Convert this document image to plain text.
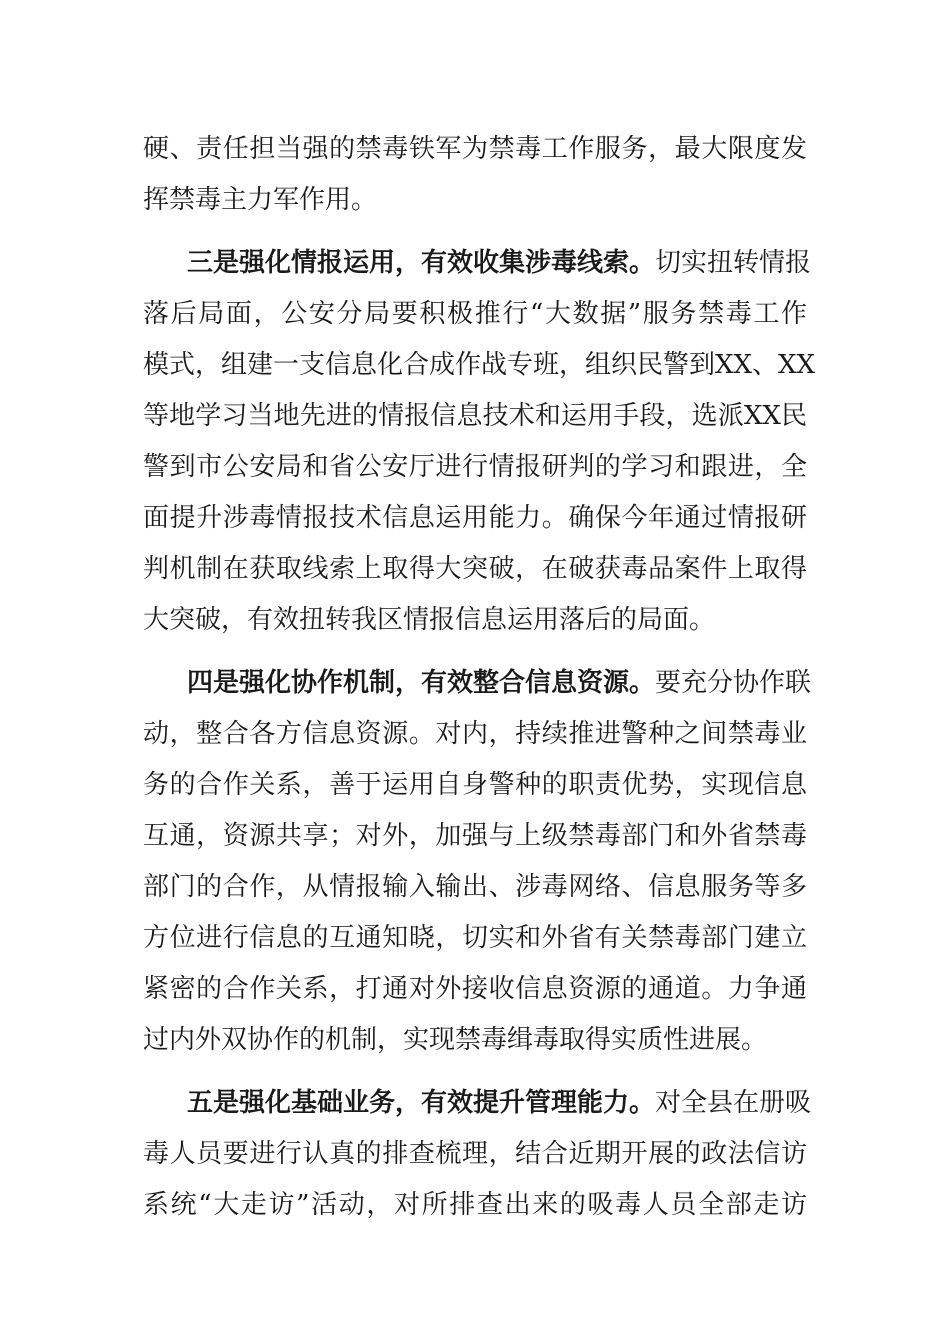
硬、责任担当强的禁毒铁军为禁毒工作服务，最大限度发
挥禁毒主力军作用。
三是强化情报运用，有效收集涉毒线索。切实扭转情报
落后局面，公安分局要积极推行“大数据”服务禁毒工作
模式，组建一支信息化合成作战专班，组织民警到XX、XX
等地学习当地先进的情报信息技术和运用手段，选派XX民
警到市公安局和省公安厅进行情报研判的学习和跟进，全
面提升涉毒情报技术信息运用能力。确保今年通过情报研
判机制在获取线索上取得大突破，在破获毒品案件上取得
大突破，有效扭转我区情报信息运用落后的局面。
四是强化协作机制，有效整合信息资源。要充分协作联
动，整合各方信息资源。对内，持续推进警种之间禁毒业
务的合作关系，善于运用自身警种的职责优势，实现信息
互通，资源共享；对外，加强与上级禁毒部门和外省禁毒
部门的合作，从情报输入输出、涉毒网络、信息服务等多
方位进行信息的互通知晓，切实和外省有关禁毒部门建立
紧密的合作关系，打通对外接收信息资源的通道。力争通
过内外双协作的机制，实现禁毒缉毒取得实质性进展。
五是强化基础业务，有效提升管理能力。对全县在册吸
毒人员要进行认真的排查梳理，结合近期开展的政法信访
系统“大走访”活动，对所排查出来的吸毒人员全部走访
